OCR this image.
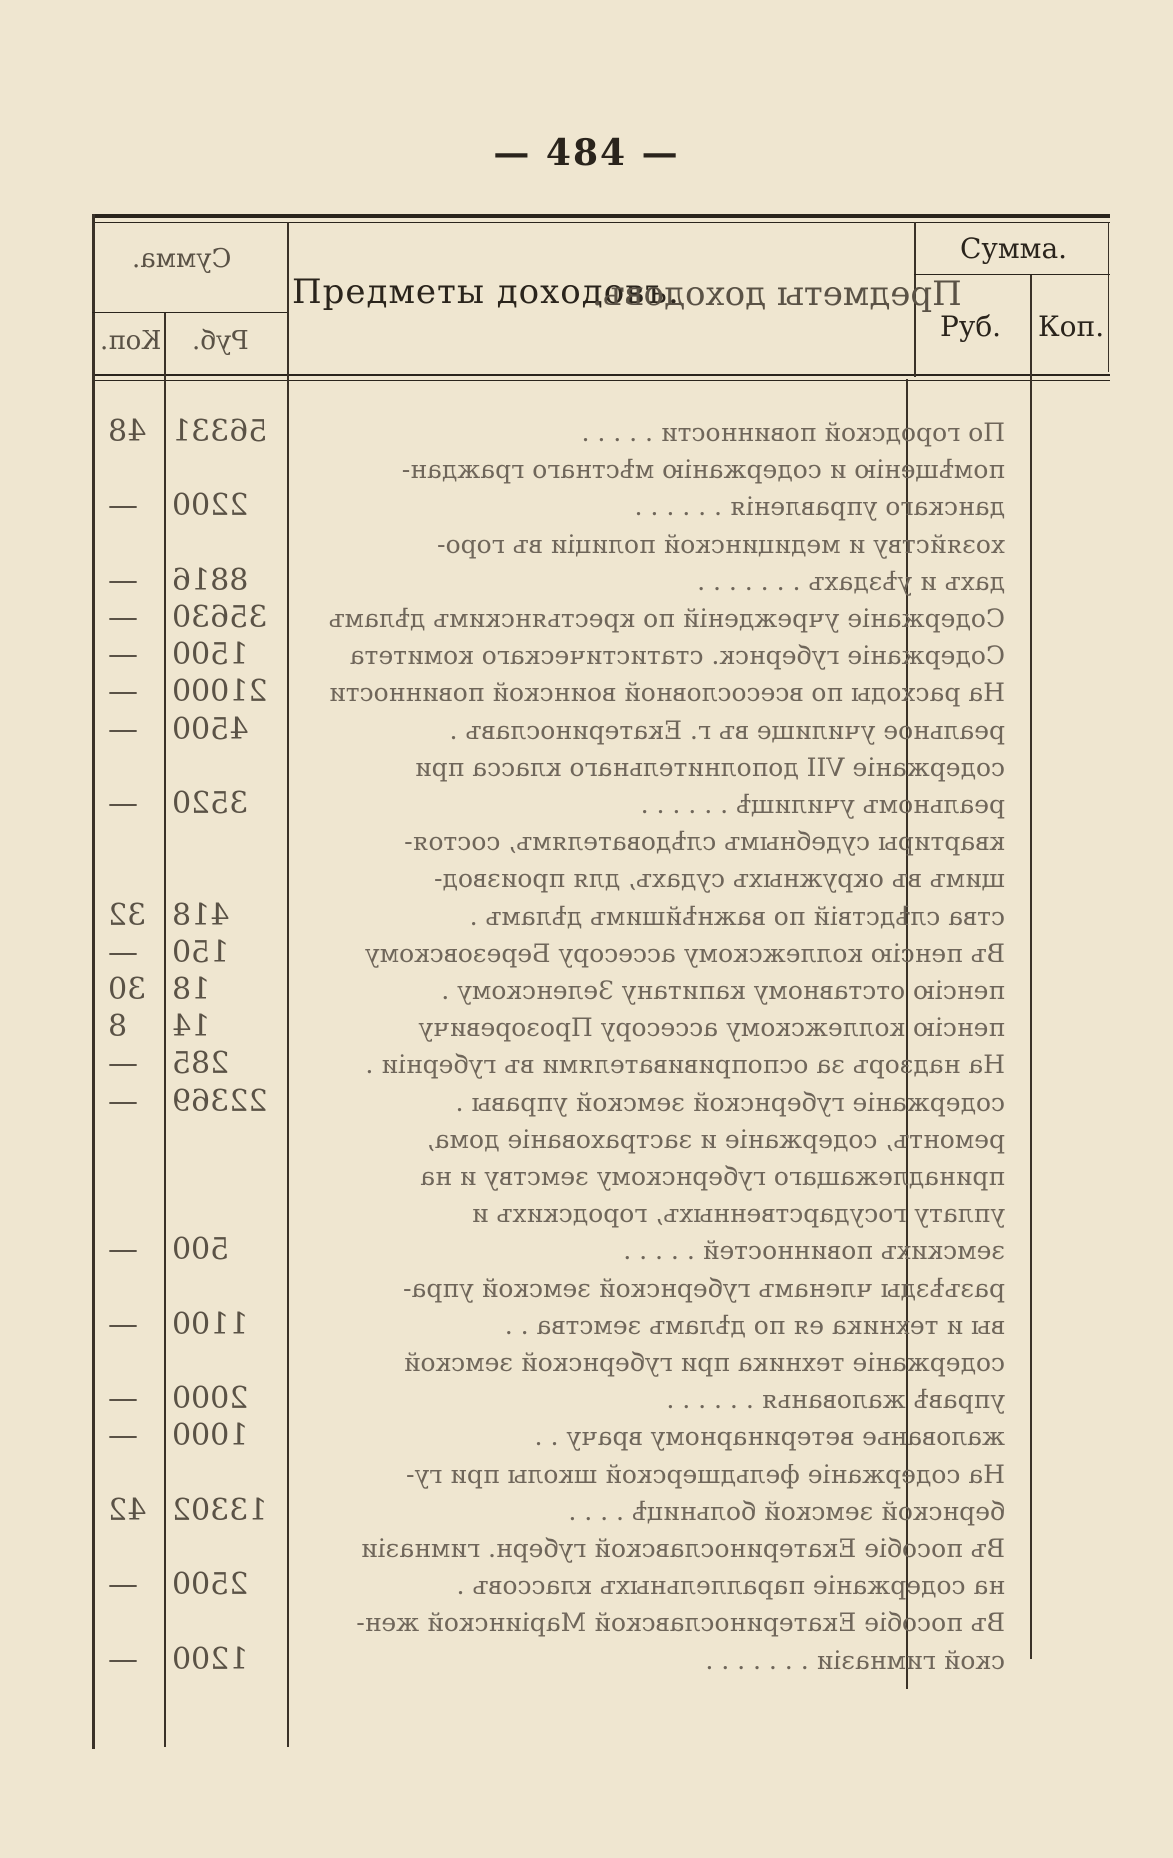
— 484 —
Предметы доходовъ.
Сумма.
Руб. Коп.
Предметы доходовъ.
Сумма.
Руб.
Коп.
По городской повинности . . . . .
56331
48
помѣщенію и содержанію мѣстнаго граждан-
данскаго управленія . . . . . .
2200
—
хозяйству и медицинской полиціи въ горо-
дахъ и уѣздахъ . . . . . . .
8816
—
Содержаніе учрежденій по крестьянскимъ дѣламъ
35630
—
Содержаніе губернск. статистическаго комитета
1500
—
На расходы по всесословной воинской повинности
21000
—
реальное училище въ г. Екатеринославъ .
4500
—
содержаніе VII дополнительнаго класса при
реальномъ училищѣ . . . . . .
3520
—
квартиры судебнымъ слѣдователямъ, состоя-
щимъ въ окружныхъ судахъ, для производ-
ства слѣдствій по важнѣйшимъ дѣламъ .
418
32
Въ пенсію коллежскому ассесору Березовскому
150
—
пенсію отставному капитану Зеленскому .
18
30
пенсію коллежскому ассесору Прозоревичу
14
8
На надзоръ за оспопрививателями въ губерніи .
285
—
содержаніе губернской земской управы .
22369
—
ремонтъ, содержаніе и застрахованіе дома,
принадлежащаго губернскому земству и на
уплату государственныхъ, городскихъ и
земскихъ повинностей . . . . .
500
—
разъѣзды членамъ губернской земской упра-
вы и техника ея по дѣламъ земства . .
1100
—
содержаніе техника при губернской земской
управѣ жалованья . . . . . .
2000
—
жалованье ветеринарному врачу . .
1000
—
На содержаніе фельдшерской школы при гу-
бернской земской больницѣ . . . .
13302
42
Въ пособіе Екатеринославской губерн. гимназіи
на содержаніе параллельныхъ классовъ .
2500
—
Въ пособіе Екатеринославской Маріинской жен-
ской гимназіи . . . . . . .
1200
—
